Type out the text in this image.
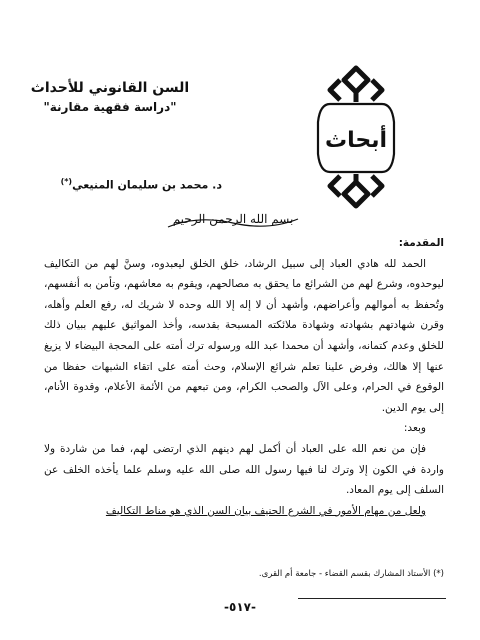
السن القانوني للأحداث
"دراسة فقهية مقارنة"
د. محمد بن سليمان المنيعي(*)
أبحاث
بسم الله الرحمن الرحيم

المقدمة:

الحمد لله هادي العباد إلى سبيل الرشاد، خلق الخلق ليعبدوه، وسنَّ لهم من التكاليف ليوحدوه، وشرع لهم من الشرائع ما يحقق به مصالحهم، ويقوم به معاشهم، وتأمن به أنفسهم، وتُحفظ به أموالهم وأعراضهم، وأشهد أن لا إله إلا الله وحده لا شريك له، رفع العلم وأهله، وقرن شهادتهم بشهادته وشهادة ملائكته المسبحة بقدسه، وأخذ المواثيق عليهم ببيان ذلك للخلق وعدم كتمانه، وأشهد أن محمدا عبد الله ورسوله ترك أمته على المحجة البيضاء لا يزيغ عنها إلا هالك، وفرض علينا تعلم شرائع الإسلام، وحث أمته على اتقاء الشبهات حفظا من الوقوع في الحرام، وعلى الآل والصحب الكرام، ومن تبعهم من الأئمة الأعلام، وقدوة الأنام، إلى يوم الدين.

وبعد:

فإن من نعم الله على العباد أن أكمل لهم دينهم الذي ارتضى لهم، فما من شاردة ولا واردة في الكون إلا وترك لنا فيها رسول الله صلى الله عليه وسلم علما يأخذه الخلف عن السلف إلى يوم المعاد.

ولعل من مهام الأمور في الشرع الحنيف بيان السن الذي هو مناط التكاليف

(*) الأستاذ المشارك بقسم القضاء - جامعة أم القرى.
-٥١٧-
